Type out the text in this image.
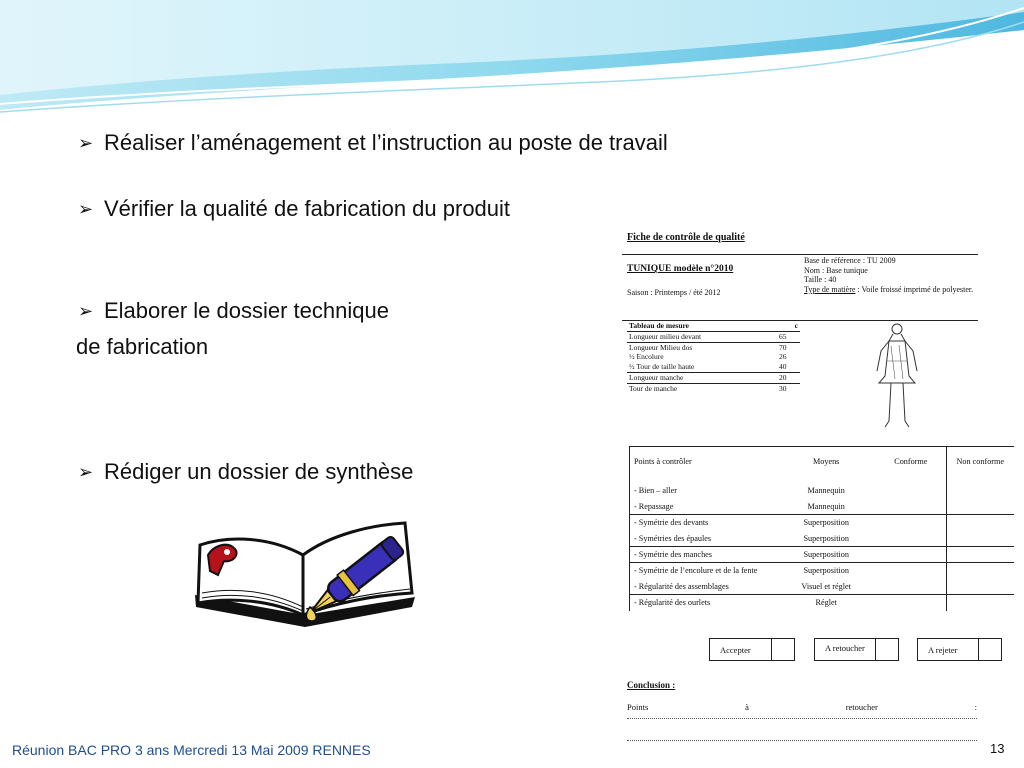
➢ Réaliser l’aménagement et l’instruction au poste de travail
➢ Vérifier la qualité de fabrication du produit
➢ Elaborer le dossier technique
de fabrication
➢ Rédiger un dossier de synthèse
Fiche de contrôle de qualité
TUNIQUE modèle n°2010
Saison : Printemps / été 2012
Base de référence : TU 2009
Nom : Base tunique
Taille : 40
Type de matière : Voile froissé imprimé de polyester.
Tableau de mesure	c
Longueur milieu devant	65
Longueur Milieu dos	70
½ Encolure	26
½ Tour de taille haute	40
Longueur manche	20
Tour de manche	30
Points à contrôler	Moyens	Conforme	Non conforme
- Bien – aller	Mannequin		
- Repassage	Mannequin		
- Symétrie des devants	Superposition		
- Symétries des épaules	Superposition		
- Symétrie des manches	Superposition		
- Symétrie de l’encolure et de la fente	Superposition		
- Régularité des assemblages	Visuel et réglet		
- Régularité des ourlets	Réglet		
Accepter	A retoucher	A rejeter
Conclusion :
Points	à	retoucher	:
Réunion BAC PRO 3 ans Mercredi 13 Mai 2009 RENNES	13
